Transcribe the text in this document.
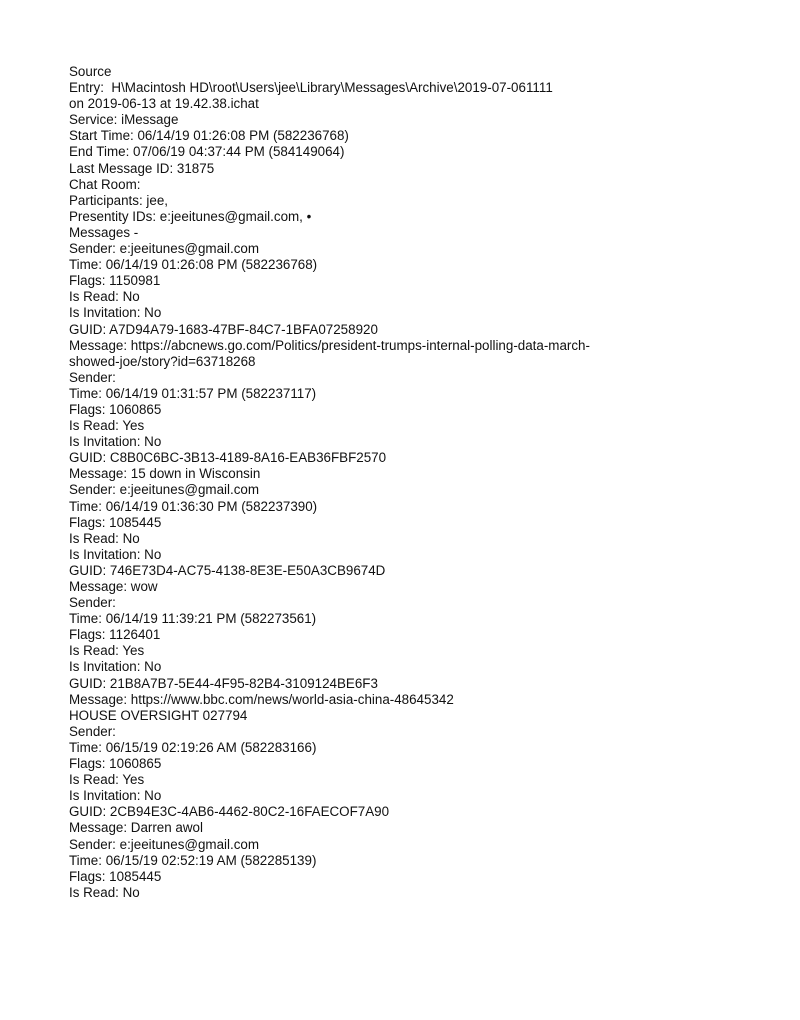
Source
Entry:  H\Macintosh HD\root\Users\jee\Library\Messages\Archive\2019-07-061111
on 2019-06-13 at 19.42.38.ichat
Service: iMessage
Start Time: 06/14/19 01:26:08 PM (582236768)
End Time: 07/06/19 04:37:44 PM (584149064)
Last Message ID: 31875
Chat Room:
Participants: jee,
Presentity IDs: e:jeeitunes@gmail.com, •
Messages -
Sender: e:jeeitunes@gmail.com
Time: 06/14/19 01:26:08 PM (582236768)
Flags: 1150981
Is Read: No
Is Invitation: No
GUID: A7D94A79-1683-47BF-84C7-1BFA07258920
Message: https://abcnews.go.com/Politics/president-trumps-internal-polling-data-march-
showed-joe/story?id=63718268
Sender:
Time: 06/14/19 01:31:57 PM (582237117)
Flags: 1060865
Is Read: Yes
Is Invitation: No
GUID: C8B0C6BC-3B13-4189-8A16-EAB36FBF2570
Message: 15 down in Wisconsin
Sender: e:jeeitunes@gmail.com
Time: 06/14/19 01:36:30 PM (582237390)
Flags: 1085445
Is Read: No
Is Invitation: No
GUID: 746E73D4-AC75-4138-8E3E-E50A3CB9674D
Message: wow
Sender:
Time: 06/14/19 11:39:21 PM (582273561)
Flags: 1126401
Is Read: Yes
Is Invitation: No
GUID: 21B8A7B7-5E44-4F95-82B4-3109124BE6F3
Message: https://www.bbc.com/news/world-asia-china-48645342
HOUSE OVERSIGHT 027794
Sender:
Time: 06/15/19 02:19:26 AM (582283166)
Flags: 1060865
Is Read: Yes
Is Invitation: No
GUID: 2CB94E3C-4AB6-4462-80C2-16FAECOF7A90
Message: Darren awol
Sender: e:jeeitunes@gmail.com
Time: 06/15/19 02:52:19 AM (582285139)
Flags: 1085445
Is Read: No
